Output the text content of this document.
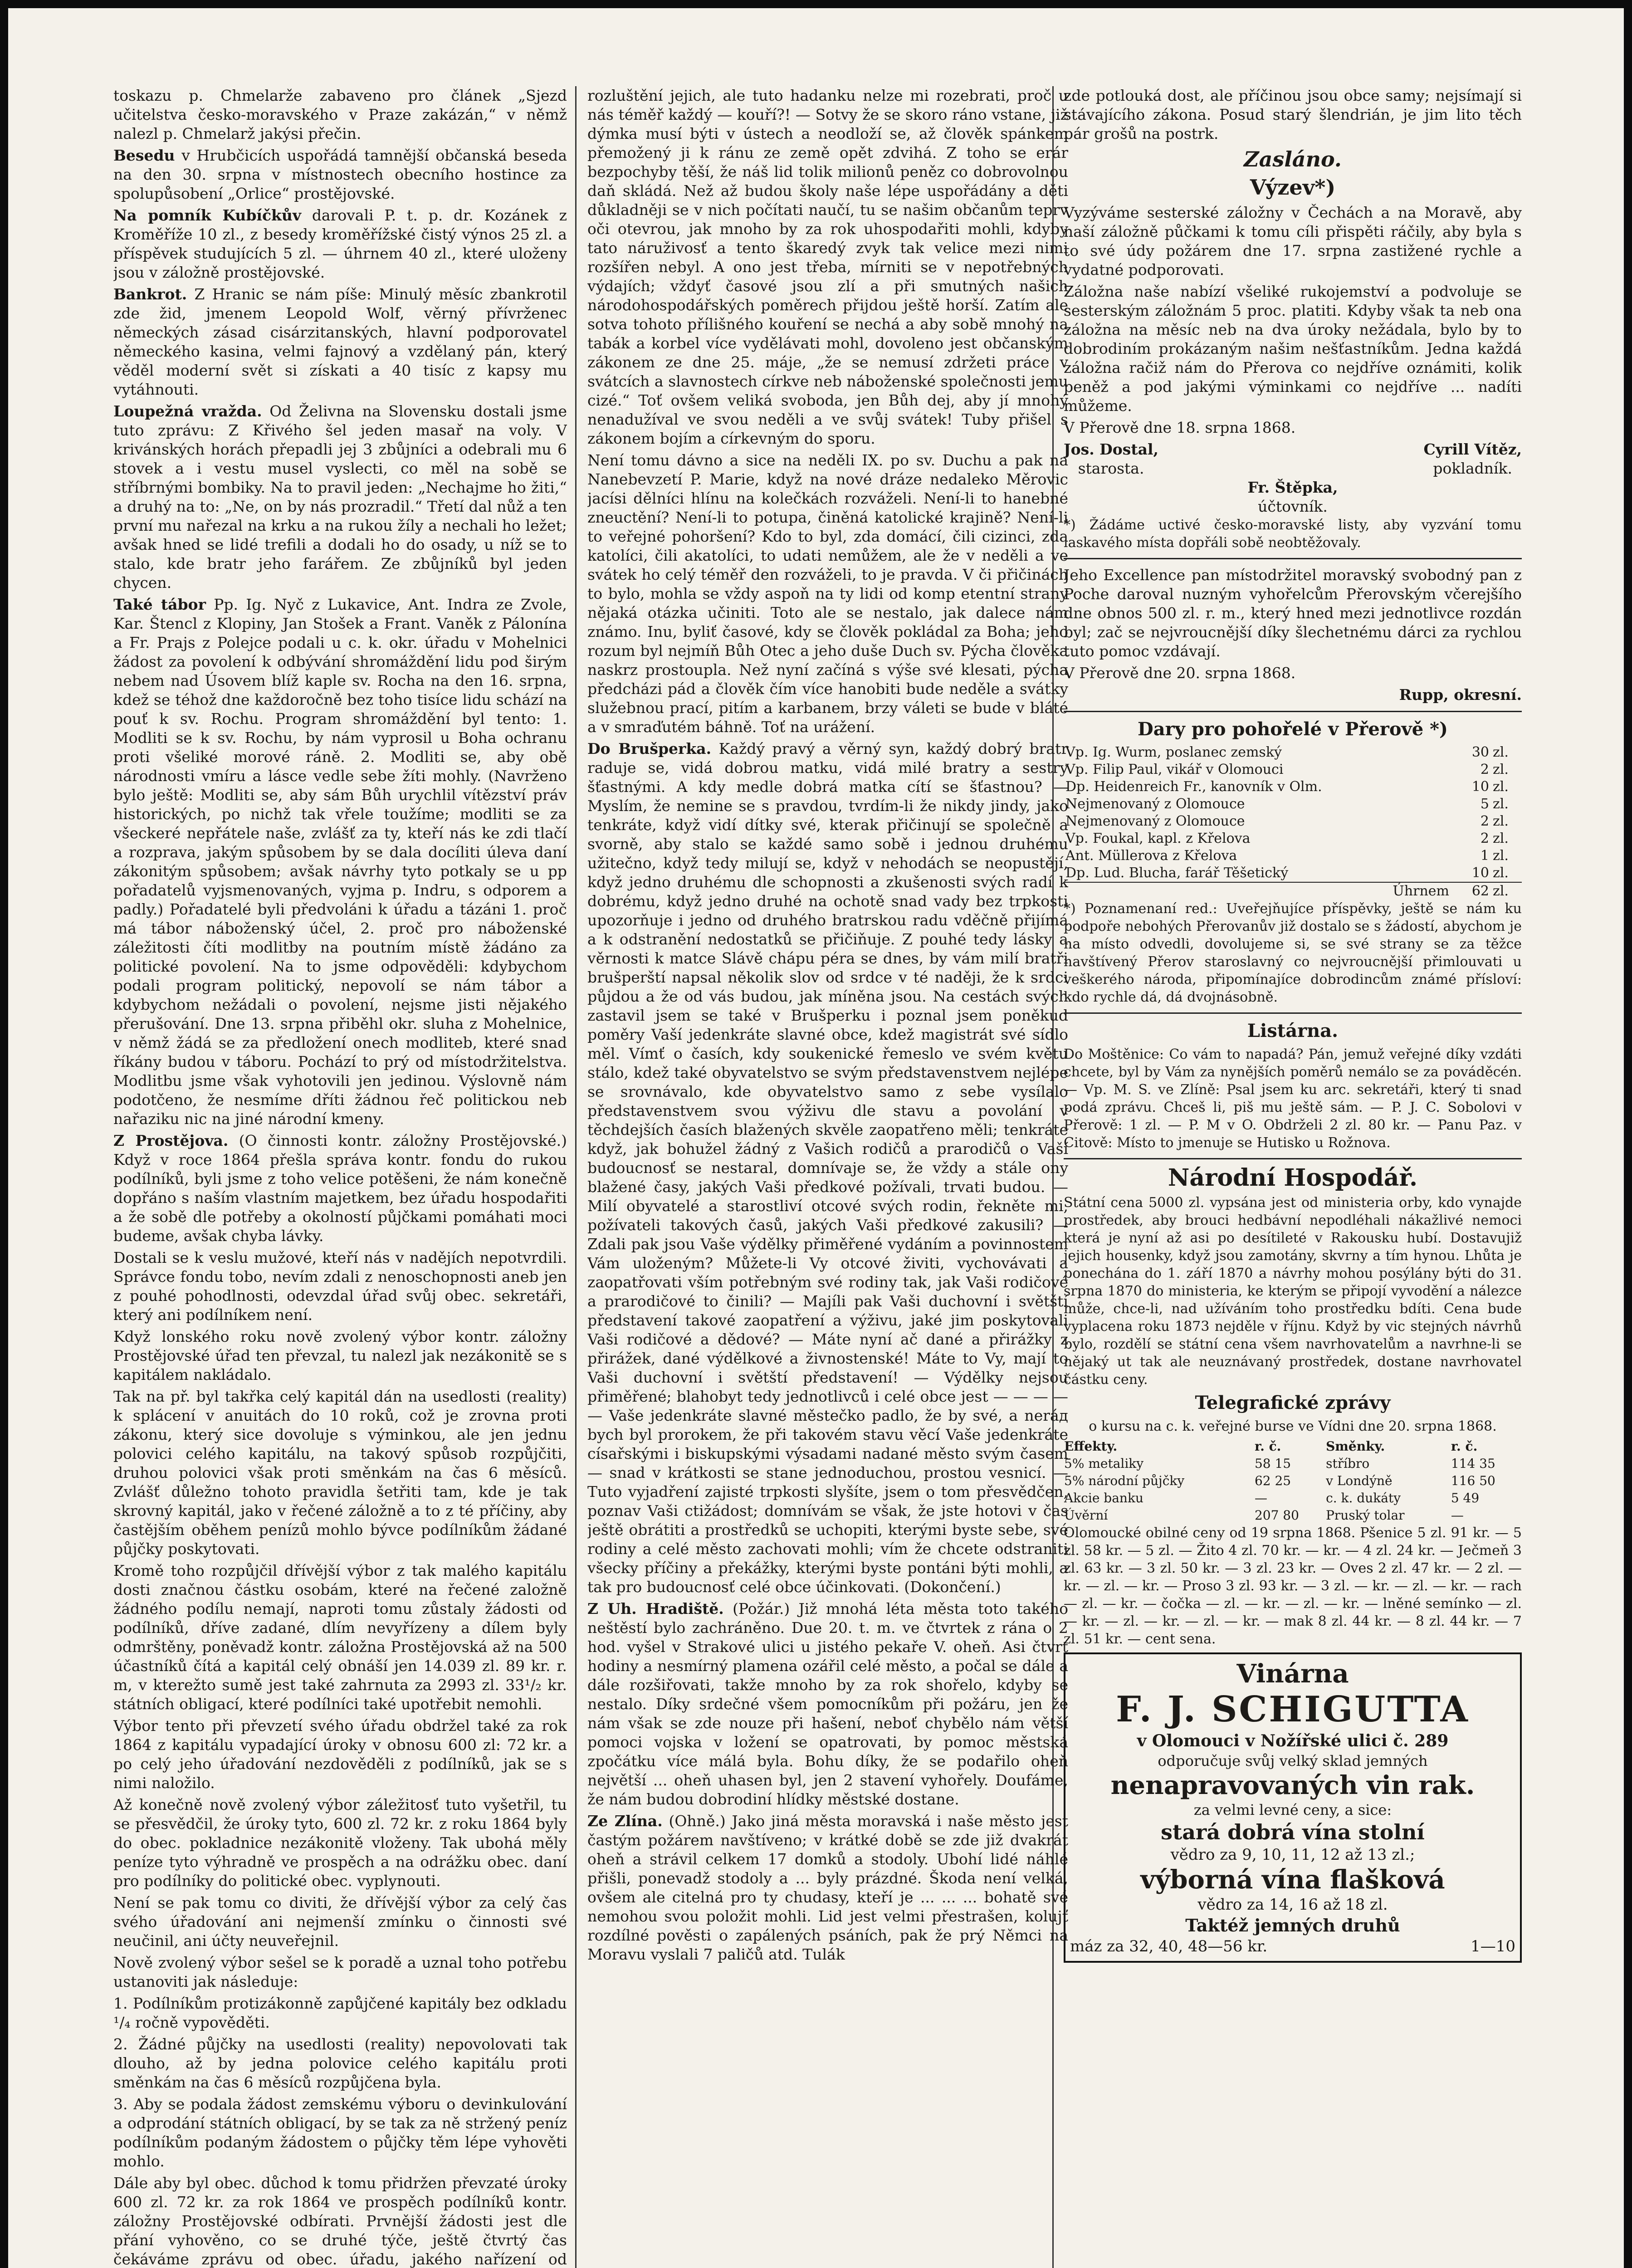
toskazu p. Chmelarže zabaveno pro článek „Sjezd učitelstva česko-moravského v Praze zakázán,“ v němž nalezl p. Chmelarž jakýsi přečin.

Besedu v Hrubčicích uspořádá tamnější občanská beseda na den 30. srpna v místnostech obecního hostince za spolupůsobení „Orlice“ prostějovské.

Na pomník Kubíčkův darovali P. t. p. dr. Kozánek z Kroměříže 10 zl., z besedy kroměřížské čistý výnos 25 zl. a příspěvek studujících 5 zl. — úhrnem 40 zl., které uloženy jsou v záložně prostějovské.

Bankrot. Z Hranic se nám píše: Minulý měsíc zbankrotil zde žid, jmenem Leopold Wolf, věrný přívrženec německých zásad cisárzitanských, hlavní podporovatel německého kasina, velmi fajnový a vzdělaný pán, který věděl moderní svět si získati a 40 tisíc z kapsy mu vytáhnouti.

Loupežná vražda. Od Želivna na Slovensku dostali jsme tuto zprávu: Z Křivého šel jeden masař na voly. V krivánských horách přepadli jej 3 zbůjníci a odebrali mu 6 stovek a i vestu musel vyslecti, co měl na sobě se stříbrnými bombiky. Na to pravil jeden: „Nechajme ho žiti,“ a druhý na to: „Ne, on by nás prozradil.“ Třetí dal nůž a ten první mu nařezal na krku a na rukou žíly a nechali ho ležet; avšak hned se lidé trefili a dodali ho do osady, u níž se to stalo, kde bratr jeho farářem. Ze zbůjníků byl jeden chycen.

Také tábor Pp. Ig. Nyč z Lukavice, Ant. Indra ze Zvole, Kar. Štencl z Klopiny, Jan Stošek a Frant. Vaněk z Pálonína a Fr. Prajs z Polejce podali u c. k. okr. úřadu v Mohelnici žádost za povolení k odbývání shromáždění lidu pod širým nebem nad Úsovem blíž kaple sv. Rocha na den 16. srpna, kdež se téhož dne každoročně bez toho tisíce lidu schází na pouť k sv. Rochu. Program shromáždění byl tento: 1. Modliti se k sv. Rochu, by nám vyprosil u Boha ochranu proti všeliké morové ráně. 2. Modliti se, aby obě národnosti vmíru a lásce vedle sebe žíti mohly. (Navrženo bylo ještě: Modliti se, aby sám Bůh urychlil vítězství práv historických, po nichž tak vřele toužíme; modliti se za všeckeré nepřátele naše, zvlášť za ty, kteří nás ke zdi tlačí a rozprava, jakým spůsobem by se dala docíliti úleva daní zákonitým spůsobem; avšak návrhy tyto potkaly se u pp pořadatelů vyjsmenovaných, vyjma p. Indru, s odporem a padly.) Pořadatelé byli předvoláni k úřadu a tázáni 1. proč má tábor náboženský účel, 2. proč pro náboženské záležitosti číti modlitby na poutním místě žádáno za politické povolení. Na to jsme odpověděli: kdybychom podali program politický, nepovolí se nám tábor a kdybychom nežádali o povolení, nejsme jisti nějakého přerušování. Dne 13. srpna přiběhl okr. sluha z Mohelnice, v němž žádá se za předložení onech modliteb, které snad říkány budou v táboru. Pochází to prý od místodržitelstva. Modlitbu jsme však vyhotovili jen jedinou. Výslovně nám podotčeno, že nesmíme dříti žádnou řeč politickou neb nařaziku nic na jiné národní kmeny.

Z Prostějova. (O činnosti kontr. záložny Prostějovské.) Když v roce 1864 přešla správa kontr. fondu do rukou podílníků, byli jsme z toho velice potěšeni, že nám konečně dopřáno s naším vlastním majetkem, bez úřadu hospodařiti a že sobě dle potřeby a okolností půjčkami pomáhati moci budeme, avšak chyba lávky.

Dostali se k veslu mužové, kteří nás v nadějích nepotvrdili. Správce fondu tobo, nevím zdali z nenoschopnosti aneb jen z pouhé pohodlnosti, odevzdal úřad svůj obec. sekretáři, který ani podílníkem není.

Když lonského roku nově zvolený výbor kontr. záložny Prostějovské úřad ten převzal, tu nalezl jak nezákonitě se s kapitálem nakládalo.

Tak na př. byl takřka celý kapitál dán na usedlosti (reality) k splácení v anuitách do 10 roků, což je zrovna proti zákonu, který sice dovoluje s výminkou, ale jen jednu polovici celého kapitálu, na takový spůsob rozpůjčiti, druhou polovici však proti směnkám na čas 6 měsíců. Zvlášť důležno tohoto pravidla šetřiti tam, kde je tak skrovný kapitál, jako v řečené záložně a to z té příčiny, aby častějším oběhem penízů mohlo bývce podílníkům žádané půjčky poskytovati.

Kromě toho rozpůjčil dřívější výbor z tak malého kapitálu dosti značnou částku osobám, které na řečené založně žádného podílu nemají, naproti tomu zůstaly žádosti od podílníků, dříve zadané, dlím nevyřízeny a dílem byly odmrštěny, poněvadž kontr. záložna Prostějovská až na 500 účastníků čítá a kapitál celý obnáší jen 14.039 zl. 89 kr. r. m, v kterežto sumě jest také zahrnuta za 2993 zl. 33¹/₂ kr. státních obligací, které podílníci také upotřebit nemohli.

Výbor tento při převzetí svého úřadu obdržel také za rok 1864 z kapitálu vypadající úroky v obnosu 600 zl: 72 kr. a po celý jeho úřadování nezdověděli z podílníků, jak se s nimi naložilo.

Až konečně nově zvolený výbor záležitosť tuto vyšetřil, tu se přesvědčil, že úroky tyto, 600 zl. 72 kr. z roku 1864 byly do obec. pokladnice nezákonitě vloženy. Tak ubohá měly peníze tyto výhradně ve prospěch a na odrážku obec. daní pro podílníky do politické obec. vyplynouti.

Není se pak tomu co diviti, že dřívější výbor za celý čas svého úřadování ani nejmenší zmínku o činnosti své neučinil, ani účty neuveřejnil.

Nově zvolený výbor sešel se k poradě a uznal toho potřebu ustanoviti jak následuje:

1. Podílníkům protizákonně zapůjčené kapitály bez odkladu ¹/₄ ročně vypověděti.

2. Žádné půjčky na usedlosti (reality) nepovolovati tak dlouho, až by jedna polovice celého kapitálu proti směnkám na čas 6 měsíců rozpůjčena byla.

3. Aby se podala žádost zemskému výboru o devinkulování a odprodání státních obligací, by se tak za ně stržený peníz podílníkům podaným žádostem o půjčky těm lépe vyhověti mohlo.

Dále aby byl obec. důchod k tomu přidržen převzaté úroky 600 zl. 72 kr. za rok 1864 ve prospěch podílníků kontr. záložny Prostějovské odbírati. Prvnější žádosti jest dle přání vyhověno, co se druhé týče, ještě čtvrtý čas čekáváme zprávu od obec. úřadu, jakého nařízení od

rozluštění jejich, ale tuto hadanku nelze mi rozebrati, proč u nás téměř každý — kouří?! — Sotvy že se skoro ráno vstane, již dýmka musí býti v ústech a neodloží se, až člověk spánkem přemožený ji k ránu ze země opět zdvihá. Z toho se erár bezpochyby těší, že náš lid tolik milionů peněz co dobrovolnou daň skládá. Než až budou školy naše lépe uspořádány a děti důkladněji se v nich počítati naučí, tu se našim občanům teprv oči otevrou, jak mnoho by za rok uhospodařiti mohli, kdyby tato náruživosť a tento škaredý zvyk tak velice mezi nimi rozšířen nebyl. A ono jest třeba, mírniti se v nepotřebných výdajích; vždyť časové jsou zlí a při smutných našich národohospodářských poměrech přijdou ještě horší. Zatím ale sotva tohoto přílišného kouření se nechá a aby sobě mnohý na tabák a korbel více vydělávati mohl, dovoleno jest občanským zákonem ze dne 25. máje, „že se nemusí zdržeti práce v svátcích a slavnostech církve neb náboženské společnosti jemu cizé.“ Toť ovšem veliká svoboda, jen Bůh dej, aby jí mnohý nenadužíval ve svou neděli a ve svůj svátek! Tuby přišel s zákonem bojím a církevným do sporu.

Není tomu dávno a sice na neděli IX. po sv. Duchu a pak na Nanebevzetí P. Marie, když na nové dráze nedaleko Měrovic jacísi dělníci hlínu na kolečkách rozváželi. Není-li to hanebné zneuctění? Není-li to potupa, činěná katolické krajině? Není-li to veřejné pohoršení? Kdo to byl, zda domácí, čili cizinci, zda katolíci, čili akatolíci, to udati nemůžem, ale že v neděli a ve svátek ho celý téměř den rozváželi, to je pravda. V či přičinách to bylo, mohla se vždy aspoň na ty lidi od komp etentní strany nějaká otázka učiniti. Toto ale se nestalo, jak dalece nám známo. Inu, byliť časové, kdy se člověk pokládal za Boha; jeho rozum byl nejmíň Bůh Otec a jeho duše Duch sv. Pýcha člověka naskrz prostoupla. Než nyní začíná s výše své klesati, pýcha předcházi pád a člověk čím více hanobiti bude neděle a svátky služebnou prací, pitím a karbanem, brzy váleti se bude v bláté a v smraďutém báhně. Toť na urážení.

Do Brušperka. Každý pravý a věrný syn, každý dobrý bratr raduje se, vidá dobrou matku, vidá milé bratry a sestry šťastnými. A kdy medle dobrá matka cítí se šťastnou? — Myslím, že nemine se s pravdou, tvrdím-li že nikdy jindy, jako tenkráte, když vidí dítky své, kterak přičinují se společně a svorně, aby stalo se každé samo sobě i jednou druhému užitečno, když tedy milují se, když v nehodách se neopustějí, když jedno druhému dle schopnosti a zkušenosti svých radí k dobrému, když jedno druhé na ochotě snad vady bez trpkosti upozorňuje i jedno od druhého bratrskou radu vděčně přijímá a k odstranění nedostatků se přičiňuje. Z pouhé tedy lásky a věrnosti k matce Slávě chápu péra se dnes, by vám milí bratři brušperští napsal několik slov od srdce v té naději, že k srdci půjdou a že od vás budou, jak míněna jsou. Na cestách svých zastavil jsem se také v Brušperku i poznal jsem poněkud poměry Vaší jedenkráte slavné obce, kdež magistrát své sídlo měl. Vímť o časích, kdy soukenické řemeslo ve svém květu stálo, kdež také obyvatelstvo se svým představenstvem nejlépe se srovnávalo, kde obyvatelstvo samo z sebe vysílalo představenstvem svou výživu dle stavu a povolání v těchdejších časích blažených skvěle zaopatřeno měli; tenkráte když, jak bohužel žádný z Vašich rodičů a prarodičů o Vaší budoucnosť se nestaral, domnívaje se, že vždy a stále ony blažené časy, jakých Vaši předkové požívali, trvati budou. — Milí obyvatelé a starostliví otcové svých rodin, řekněte mi, požívateli takových časů, jakých Vaši předkové zakusili? — Zdali pak jsou Vaše výdělky přiměřené vydáním a povinnostem Vám uloženým? Můžete-li Vy otcové živiti, vychovávati a zaopatřovati vším potřebným své rodiny tak, jak Vaši rodičové a prarodičové to činili? — Majíli pak Vaši duchovní i světští představení takové zaopatření a výživu, jaké jim poskytovali Vaši rodičové a dědové? — Máte nyní ač dané a přirážky z přirážek, dané výdělkové a živnostenské! Máte to Vy, mají to Vaši duchovní i světští představení! — Výdělky nejsou přiměřené; blahobyt tedy jednotlivců i celé obce jest — — — — — Vaše jedenkráte slavné městečko padlo, že by své, a neráд bych byl prorokem, že při takovém stavu věcí Vaše jedenkráte císařskými i biskupskými výsadami nadané město svým časem — snad v krátkosti se stane jednoduchou, prostou vesnicí. — Tuto vyjadření zajisté trpkosti slyšíte, jsem o tom přesvědčen, poznav Vaši ctižádost; domnívám se však, že jste hotovi v čas ještě obrátiti a prostředků se uchopiti, kterými byste sebe, své rodiny a celé město zachovati mohli; vím že chcete odstraniti všecky příčiny a překážky, kterými byste pontáni býti mohli, a tak pro budoucnosť celé obce účinkovati. (Dokončení.)

Z Uh. Hradiště. (Požár.) Již mnohá léta města toto takého neštěstí bylo zachráněno. Due 20. t. m. ve čtvrtek z rána o 2 hod. vyšel v Strakové ulici u jistého pekaře V. oheň. Asi čtvrt hodiny a nesmírný plamena ozářil celé město, a počal se dále a dále rozšiřovati, takže mnoho by za rok shořelo, kdyby se nestalo. Díky srdečné všem pomocníkům při požáru, jen že nám však se zde nouze při hašení, neboť chybělo nám větší pomoci vojska v ložení se opatrovati, by pomoc městská zpočátku více málá byla. Bohu díky, že se podařilo oheň největší ... oheň uhasen byl, jen 2 stavení vyhořely. Doufáme, že nám budou dobrodiní hlídky městské dostane.

Ze Zlína. (Ohně.) Jako jiná města moravská i naše město jest častým požárem navštíveno; v krátké době se zde již dvakrát oheň a strávil celkem 17 domků a stodoly. Ubohí lidé náhlé přišli, ponevadž stodoly a ... byly prázdné. Škoda není velká, ovšem ale citelná pro ty chudasy, kteří je ... ... ... bohatě své nemohou svou položit mohli. Lid jest velmi přestrašen, kolujť rozdílné pověsti o zapálených psáních, pak že prý Němci na Moravu vyslali 7 paličů atd. Tulák

zde potlouká dost, ale příčinou jsou obce samy; nejsímají si stávajícího zákona. Posud starý šlendrián, je jim lito těch pár grošů na postrk.

Zasláno.
Výzev*)

Vyzýváme sesterské záložny v Čechách a na Moravě, aby naší záložně půčkami k tomu cíli přispěti ráčily, aby byla s to své údy požárem dne 17. srpna zastižené rychle a vydatné podporovati.

Záložna naše nabízí všeliké rukojemství a podvoluje se sesterským záložnám 5 proc. platiti. Kdyby však ta neb ona záložna na měsíc neb na dva úroky nežádala, bylo by to dobrodiním prokázaným našim nešťastníkům. Jedna každá záložna račiž nám do Přerova co nejdříve oznámiti, kolik peněž a pod jakými výminkami co nejdříve ... nadíti můžeme.

V Přerově dne 18. srpna 1868.

Jos. Dostal,
starosta.
Cyrill Vítěz,
pokladník.
Fr. Štěpka,
účtovník.

*) Žádáme uctivé česko-moravské listy, aby vyzvání tomu laskavého místa dopřáli sobě neobtěžovaly.

Jeho Excellence pan místodržitel moravský svobodný pan z Poche daroval nuzným vyhořelcům Přerovským včerejšího dne obnos 500 zl. r. m., který hned mezi jednotlivce rozdán byl; zač se nejvroucnější díky šlechetnému dárci za rychlou tuto pomoc vzdávají.

V Přerově dne 20. srpna 1868.

Rupp, okresní.

Dary pro pohořelé v Přerově *)
Vp. Ig. Wurm, poslanec zemský	30	zl.
Vp. Filip Paul, vikář v Olomouci	2	zl.
Dp. Heidenreich Fr., kanovník v Olm.	10	zl.
Nejmenovaný z Olomouce	5	zl.
Nejmenovaný z Olomouce	2	zl.
Vp. Foukal, kapl. z Křelova	2	zl.
Ant. Müllerova z Křelova	1	zl.
Dp. Lud. Blucha, farář Těšetický	10	zl.
Úhrnem	62	zl.

*) Poznamenaní red.: Uveřejňujíce příspěvky, ještě se nám ku podpoře nebohých Přerovanův již dostalo se s žádostí, abychom je na místo odvedli, dovolujeme si, se své strany se za těžce navštívený Přerov staroslavný co nejvroucnější přimlouvati u veškerého národa, připomínajíce dobrodincům známé přísloví: kdo rychle dá, dá dvojnásobně.

Listárna.

Do Moštěnice: Co vám to napadá? Pán, jemuž veřejné díky vzdáti chcete, byl by Vám za nynějších poměrů nemálo se za pováděcén. — Vp. M. S. ve Zlíně: Psal jsem ku arc. sekretáři, který ti snad podá zprávu. Chceš li, piš mu ještě sám. — P. J. C. Sobolovi v Přerově: 1 zl. — P. M v O. Obdrželi 2 zl. 80 kr. — Panu Paz. v Citově: Místo to jmenuje se Hutisko u Rožnova.

Národní Hospodář.

Státní cena 5000 zl. vypsána jest od ministeria orby, kdo vynajde prostředek, aby brouci hedbávní nepodléhali nákažlivé nemoci která je nyní až asi po desítileté v Rakousku hubí. Dostavujiž jejich housenky, když jsou zamotány, skvrny a tím hynou. Lhůta je ponechána do 1. září 1870 a návrhy mohou posýlány býti do 31. srpna 1870 do ministeria, ke kterým se připojí vyvodění a nálezce může, chce-li, nad užíváním toho prostředku bdíti. Cena bude vyplacena roku 1873 nejděle v říjnu. Když by vic stejných návrhů bylo, rozdělí se státní cena všem navrhovatelům a navrhne-li se nějaký ut tak ale neuznávaný prostředek, dostane navrhovatel částku ceny.

Telegrafické zprávy

o kursu na c. k. veřejné burse ve Vídni dne 20. srpna 1868.

Effekty.	r. č.	Směnky.	r. č.
5% metaliky	58 15	stříbro	114 35
5% národní půjčky	62 25	v Londýně	116 50
Akcie banku	—	c. k. dukáty	5 49
Úvěrní	207 80	Pruský tolar	—

Olomoucké obilné ceny od 19 srpna 1868. Pšenice 5 zl. 91 kr. — 5 zl. 58 kr. — 5 zl. — Žito 4 zl. 70 kr. — kr. — 4 zl. 24 kr. — Ječmeň 3 zl. 63 kr. — 3 zl. 50 kr. — 3 zl. 23 kr. — Oves 2 zl. 47 kr. — 2 zl. — kr. — zl. — kr. — Proso 3 zl. 93 kr. — 3 zl. — kr. — zl. — kr. — rach — zl. — kr. — čočka — zl. — kr. — zl. — kr. — lněné semínko — zl. — kr. — zl. — kr. — zl. — kr. — mak 8 zl. 44 kr. — 8 zl. 44 kr. — 7 zl. 51 kr. — cent sena.

Vinárna
F. J. SCHIGUTTA
v Olomouci v Nožířské ulici č. 289
odporučuje svůj velký sklad jemných
nenapravovaných vin rak.
za velmi levné ceny, a sice:
stará dobrá vína stolní
vědro za 9, 10, 11, 12 až 13 zl.;
výborná vína flašková
vědro za 14, 16 až 18 zl.
Taktéž jemných druhů
máz za 32, 40, 48—56 kr.	1—10
